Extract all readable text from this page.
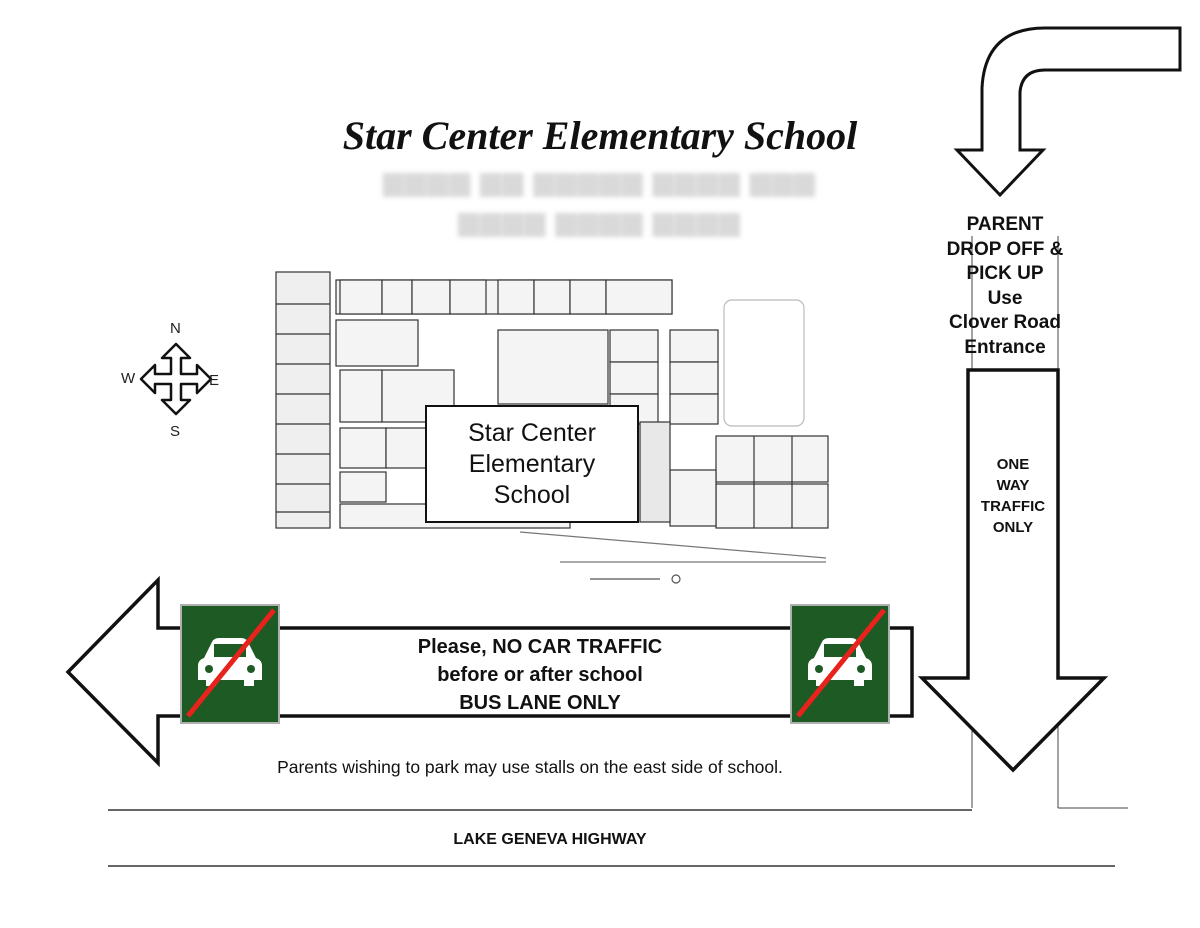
Star Center Elementary School
▆▆▆▆ ▆▆ ▆▆▆▆▆ ▆▆▆▆ ▆▆▆
▆▆▆▆ ▆▆▆▆ ▆▆▆▆
N
S
E
W
Star Center
Elementary
School
PARENT
DROP OFF &
PICK UP
Use
Clover Road
Entrance
ONE
WAY
TRAFFIC
ONLY
Please, NO CAR TRAFFIC
before or after school
BUS LANE ONLY
Parents wishing to park may use stalls on the east side of school.
LAKE GENEVA HIGHWAY
